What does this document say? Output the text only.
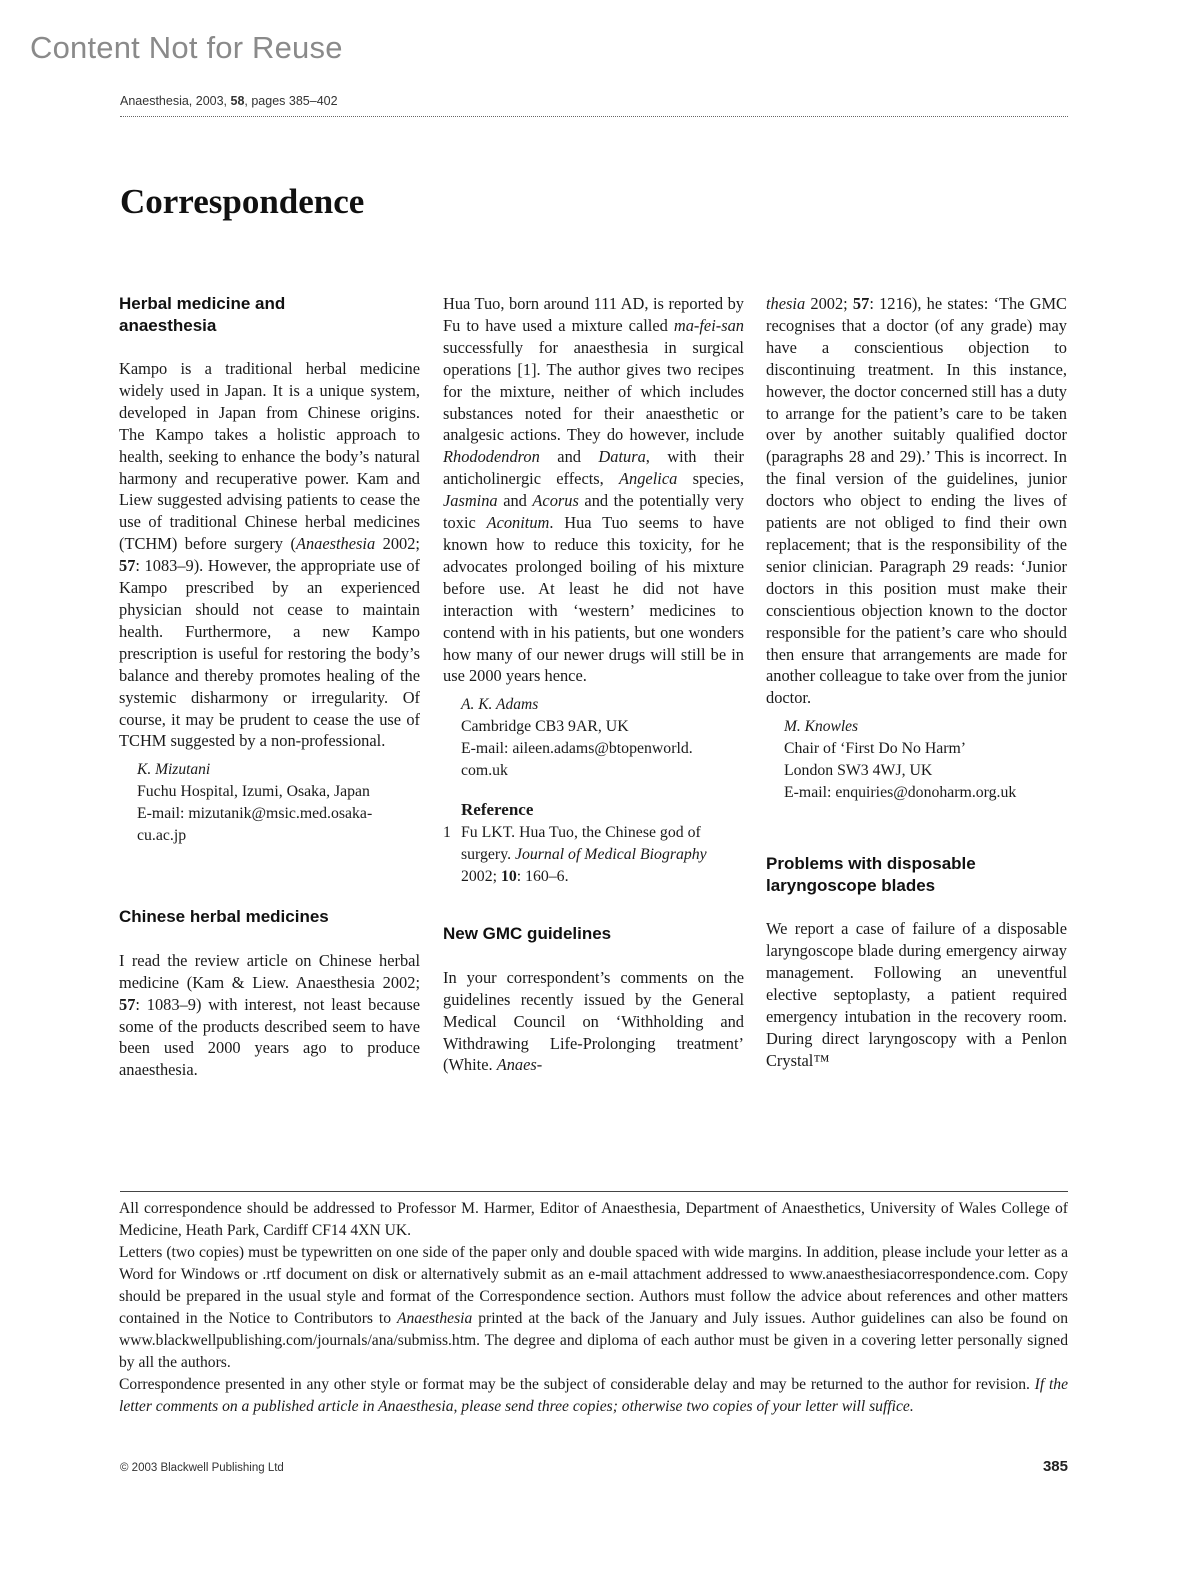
Content Not for Reuse
Anaesthesia, 2003, 58, pages 385–402
Correspondence
Herbal medicine and
anaesthesia

Kampo is a traditional herbal medicine widely used in Japan. It is a unique system, developed in Japan from Chinese origins. The Kampo takes a holistic approach to health, seeking to enhance the body’s natural harmony and recuperative power. Kam and Liew suggested advising patients to cease the use of traditional Chinese herbal medicines (TCHM) before surgery (Anaesthesia 2002; 57: 1083–9). However, the appropriate use of Kampo prescribed by an experienced physician should not cease to maintain health. Furthermore, a new Kampo prescription is useful for restoring the body’s balance and thereby promotes healing of the systemic disharmony or irregularity. Of course, it may be prudent to cease the use of TCHM suggested by a non-professional.

K. Mizutani
Fuchu Hospital, Izumi, Osaka, Japan
E-mail: mizutanik@msic.med.osaka-
cu.ac.jp
Chinese herbal medicines

I read the review article on Chinese herbal medicine (Kam & Liew. Anaesthesia 2002; 57: 1083–9) with interest, not least because some of the products described seem to have been used 2000 years ago to produce anaesthesia.

Hua Tuo, born around 111 AD, is reported by Fu to have used a mixture called ma-fei-san successfully for anaesthesia in surgical operations [1]. The author gives two recipes for the mixture, neither of which includes substances noted for their anaesthetic or analgesic actions. They do however, include Rhododendron and Datura, with their anticholinergic effects, Angelica species, Jasmina and Acorus and the potentially very toxic Aconitum. Hua Tuo seems to have known how to reduce this toxicity, for he advocates prolonged boiling of his mixture before use. At least he did not have interaction with ‘western’ medicines to contend with in his patients, but one wonders how many of our newer drugs will still be in use 2000 years hence.

A. K. Adams
Cambridge CB3 9AR, UK
E-mail: aileen.adams@btopenworld.
com.uk
Reference
1 Fu LKT. Hua Tuo, the Chinese god of surgery. Journal of Medical Biography 2002; 10: 160–6.
New GMC guidelines

In your correspondent’s comments on the guidelines recently issued by the General Medical Council on ‘Withholding and Withdrawing Life-Prolonging treatment’ (White. Anaes-

thesia 2002; 57: 1216), he states: ‘The GMC recognises that a doctor (of any grade) may have a conscientious objection to discontinuing treatment. In this instance, however, the doctor concerned still has a duty to arrange for the patient’s care to be taken over by another suitably qualified doctor (paragraphs 28 and 29).’ This is incorrect. In the final version of the guidelines, junior doctors who object to ending the lives of patients are not obliged to find their own replacement; that is the responsibility of the senior clinician. Paragraph 29 reads: ‘Junior doctors in this position must make their conscientious objection known to the doctor responsible for the patient’s care who should then ensure that arrangements are made for another colleague to take over from the junior doctor.

M. Knowles
Chair of ‘First Do No Harm’
London SW3 4WJ, UK
E-mail: enquiries@donoharm.org.uk
Problems with disposable
laryngoscope blades

We report a case of failure of a disposable laryngoscope blade during emergency airway management. Following an uneventful elective septoplasty, a patient required emergency intubation in the recovery room. During direct laryngoscopy with a Penlon Crystal™

All correspondence should be addressed to Professor M. Harmer, Editor of Anaesthesia, Department of Anaesthetics, University of Wales College of Medicine, Heath Park, Cardiff CF14 4XN UK.

Letters (two copies) must be typewritten on one side of the paper only and double spaced with wide margins. In addition, please include your letter as a Word for Windows or .rtf document on disk or alternatively submit as an e-mail attachment addressed to www.anaesthesiacorrespondence.com. Copy should be prepared in the usual style and format of the Correspondence section. Authors must follow the advice about references and other matters contained in the Notice to Contributors to Anaesthesia printed at the back of the January and July issues. Author guidelines can also be found on www.blackwellpublishing.com/journals/ana/submiss.htm. The degree and diploma of each author must be given in a covering letter personally signed by all the authors.

Correspondence presented in any other style or format may be the subject of considerable delay and may be returned to the author for revision. If the letter comments on a published article in Anaesthesia, please send three copies; otherwise two copies of your letter will suffice.

© 2003 Blackwell Publishing Ltd	385
